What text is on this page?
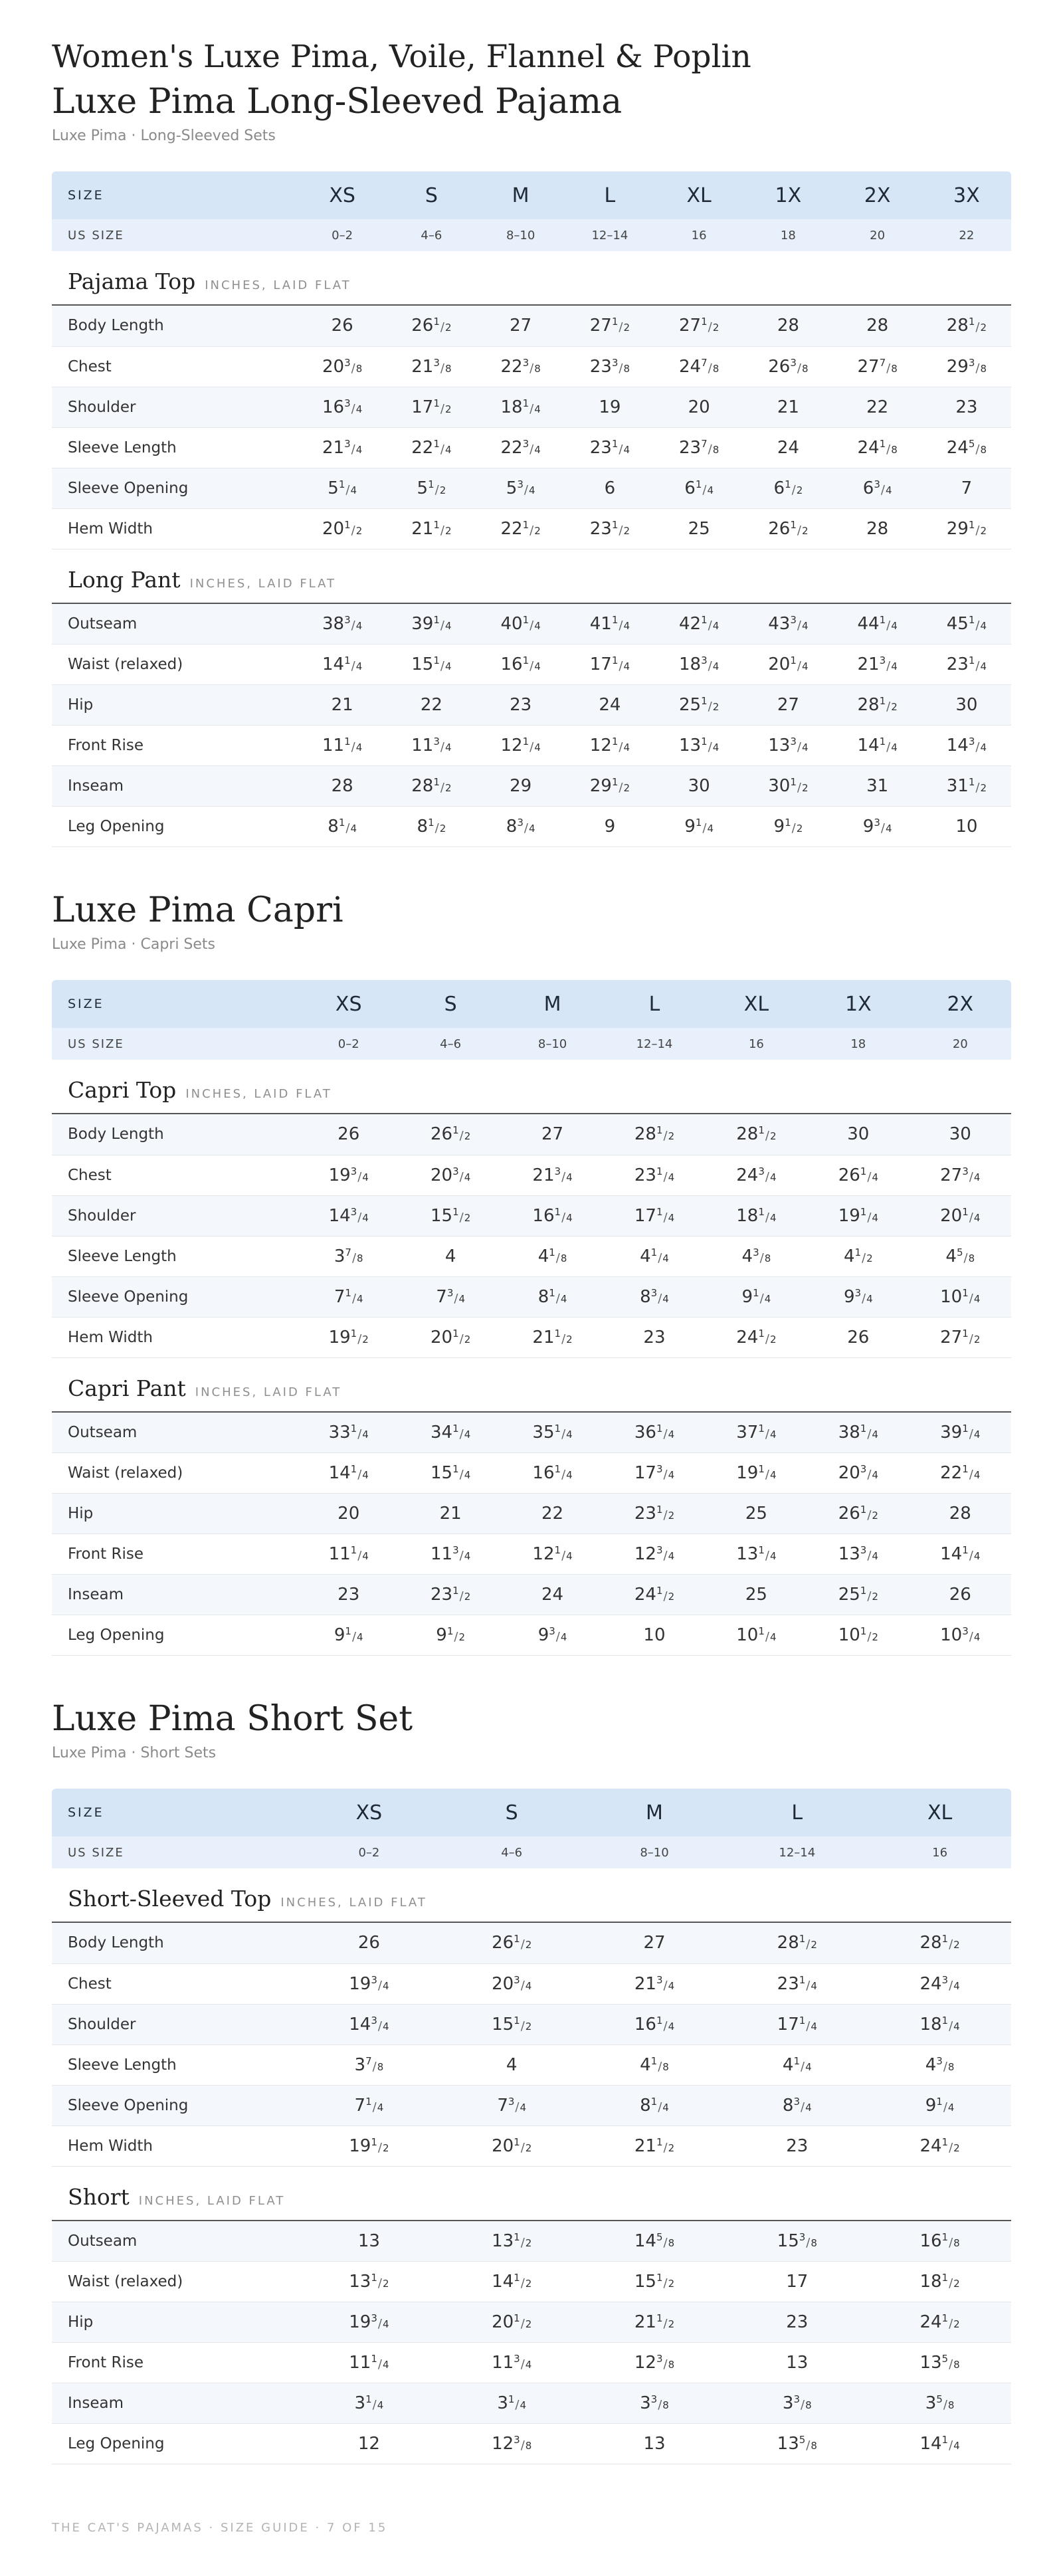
Women's Luxe Pima, Voile, Flannel & Poplin
Luxe Pima Long-Sleeved Pajama
Luxe Pima · Long-Sleeved Sets
SIZE	XS	S	M	L	XL	1X	2X	3X
US SIZE	0–2	4–6	8–10	12–14	16	18	20	22
Pajama Top INCHES, LAID FLAT
Body Length	26	$26^1/2$	27	$27^1/2$	$27^1/2$	28	28	$28^1/2$
Chest	$20^3/8$	$21^3/8$	$22^3/8$	$23^3/8$	$24^7/8$	$26^3/8$	$27^7/8$	$29^3/8$
Shoulder	$16^3/4$	$17^1/2$	$18^1/4$	19	20	21	22	23
Sleeve Length	$21^3/4$	$22^1/4$	$22^3/4$	$23^1/4$	$23^7/8$	24	$24^1/8$	$24^5/8$
Sleeve Opening	$5^1/4$	$5^1/2$	$5^3/4$	6	$6^1/4$	$6^1/2$	$6^3/4$	7
Hem Width	$20^1/2$	$21^1/2$	$22^1/2$	$23^1/2$	25	$26^1/2$	28	$29^1/2$
Long Pant INCHES, LAID FLAT
Outseam	$38^3/4$	$39^1/4$	$40^1/4$	$41^1/4$	$42^1/4$	$43^3/4$	$44^1/4$	$45^1/4$
Waist (relaxed)	$14^1/4$	$15^1/4$	$16^1/4$	$17^1/4$	$18^3/4$	$20^1/4$	$21^3/4$	$23^1/4$
Hip	21	22	23	24	$25^1/2$	27	$28^1/2$	30
Front Rise	$11^1/4$	$11^3/4$	$12^1/4$	$12^1/4$	$13^1/4$	$13^3/4$	$14^1/4$	$14^3/4$
Inseam	28	$28^1/2$	29	$29^1/2$	30	$30^1/2$	31	$31^1/2$
Leg Opening	$8^1/4$	$8^1/2$	$8^3/4$	9	$9^1/4$	$9^1/2$	$9^3/4$	10
Luxe Pima Capri
Luxe Pima · Capri Sets
SIZE	XS	S	M	L	XL	1X	2X
US SIZE	0–2	4–6	8–10	12–14	16	18	20
Capri Top INCHES, LAID FLAT
Body Length	26	$26^1/2$	27	$28^1/2$	$28^1/2$	30	30
Chest	$19^3/4$	$20^3/4$	$21^3/4$	$23^1/4$	$24^3/4$	$26^1/4$	$27^3/4$
Shoulder	$14^3/4$	$15^1/2$	$16^1/4$	$17^1/4$	$18^1/4$	$19^1/4$	$20^1/4$
Sleeve Length	$3^7/8$	4	$4^1/8$	$4^1/4$	$4^3/8$	$4^1/2$	$4^5/8$
Sleeve Opening	$7^1/4$	$7^3/4$	$8^1/4$	$8^3/4$	$9^1/4$	$9^3/4$	$10^1/4$
Hem Width	$19^1/2$	$20^1/2$	$21^1/2$	23	$24^1/2$	26	$27^1/2$
Capri Pant INCHES, LAID FLAT
Outseam	$33^1/4$	$34^1/4$	$35^1/4$	$36^1/4$	$37^1/4$	$38^1/4$	$39^1/4$
Waist (relaxed)	$14^1/4$	$15^1/4$	$16^1/4$	$17^3/4$	$19^1/4$	$20^3/4$	$22^1/4$
Hip	20	21	22	$23^1/2$	25	$26^1/2$	28
Front Rise	$11^1/4$	$11^3/4$	$12^1/4$	$12^3/4$	$13^1/4$	$13^3/4$	$14^1/4$
Inseam	23	$23^1/2$	24	$24^1/2$	25	$25^1/2$	26
Leg Opening	$9^1/4$	$9^1/2$	$9^3/4$	10	$10^1/4$	$10^1/2$	$10^3/4$
Luxe Pima Short Set
Luxe Pima · Short Sets
SIZE	XS	S	M	L	XL
US SIZE	0–2	4–6	8–10	12–14	16
Short-Sleeved Top INCHES, LAID FLAT
Body Length	26	$26^1/2$	27	$28^1/2$	$28^1/2$
Chest	$19^3/4$	$20^3/4$	$21^3/4$	$23^1/4$	$24^3/4$
Shoulder	$14^3/4$	$15^1/2$	$16^1/4$	$17^1/4$	$18^1/4$
Sleeve Length	$3^7/8$	4	$4^1/8$	$4^1/4$	$4^3/8$
Sleeve Opening	$7^1/4$	$7^3/4$	$8^1/4$	$8^3/4$	$9^1/4$
Hem Width	$19^1/2$	$20^1/2$	$21^1/2$	23	$24^1/2$
Short INCHES, LAID FLAT
Outseam	13	$13^1/2$	$14^5/8$	$15^3/8$	$16^1/8$
Waist (relaxed)	$13^1/2$	$14^1/2$	$15^1/2$	17	$18^1/2$
Hip	$19^3/4$	$20^1/2$	$21^1/2$	23	$24^1/2$
Front Rise	$11^1/4$	$11^3/4$	$12^3/8$	13	$13^5/8$
Inseam	$3^1/4$	$3^1/4$	$3^3/8$	$3^3/8$	$3^5/8$
Leg Opening	12	$12^3/8$	13	$13^5/8$	$14^1/4$
THE CAT'S PAJAMAS · SIZE GUIDE · 7 OF 15
